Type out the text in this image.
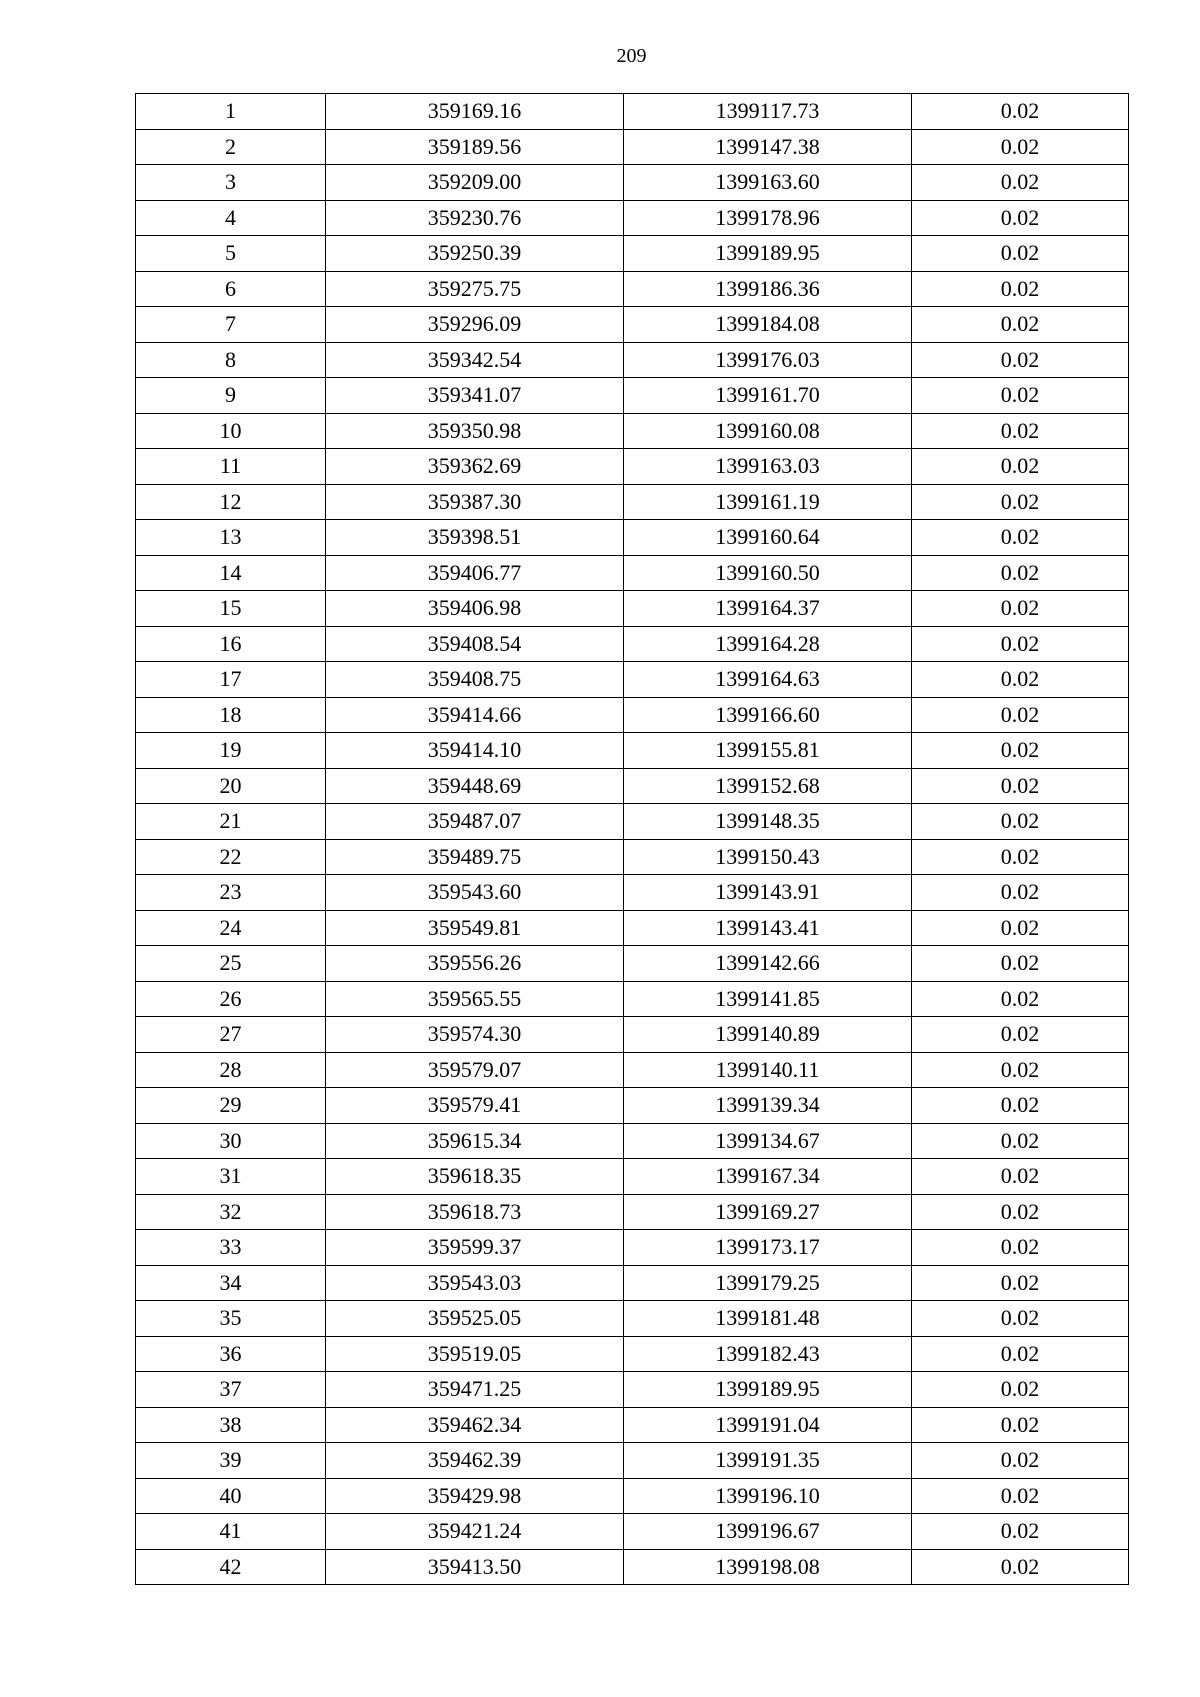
209
1	359169.16	1399117.73	0.02
2	359189.56	1399147.38	0.02
3	359209.00	1399163.60	0.02
4	359230.76	1399178.96	0.02
5	359250.39	1399189.95	0.02
6	359275.75	1399186.36	0.02
7	359296.09	1399184.08	0.02
8	359342.54	1399176.03	0.02
9	359341.07	1399161.70	0.02
10	359350.98	1399160.08	0.02
11	359362.69	1399163.03	0.02
12	359387.30	1399161.19	0.02
13	359398.51	1399160.64	0.02
14	359406.77	1399160.50	0.02
15	359406.98	1399164.37	0.02
16	359408.54	1399164.28	0.02
17	359408.75	1399164.63	0.02
18	359414.66	1399166.60	0.02
19	359414.10	1399155.81	0.02
20	359448.69	1399152.68	0.02
21	359487.07	1399148.35	0.02
22	359489.75	1399150.43	0.02
23	359543.60	1399143.91	0.02
24	359549.81	1399143.41	0.02
25	359556.26	1399142.66	0.02
26	359565.55	1399141.85	0.02
27	359574.30	1399140.89	0.02
28	359579.07	1399140.11	0.02
29	359579.41	1399139.34	0.02
30	359615.34	1399134.67	0.02
31	359618.35	1399167.34	0.02
32	359618.73	1399169.27	0.02
33	359599.37	1399173.17	0.02
34	359543.03	1399179.25	0.02
35	359525.05	1399181.48	0.02
36	359519.05	1399182.43	0.02
37	359471.25	1399189.95	0.02
38	359462.34	1399191.04	0.02
39	359462.39	1399191.35	0.02
40	359429.98	1399196.10	0.02
41	359421.24	1399196.67	0.02
42	359413.50	1399198.08	0.02
